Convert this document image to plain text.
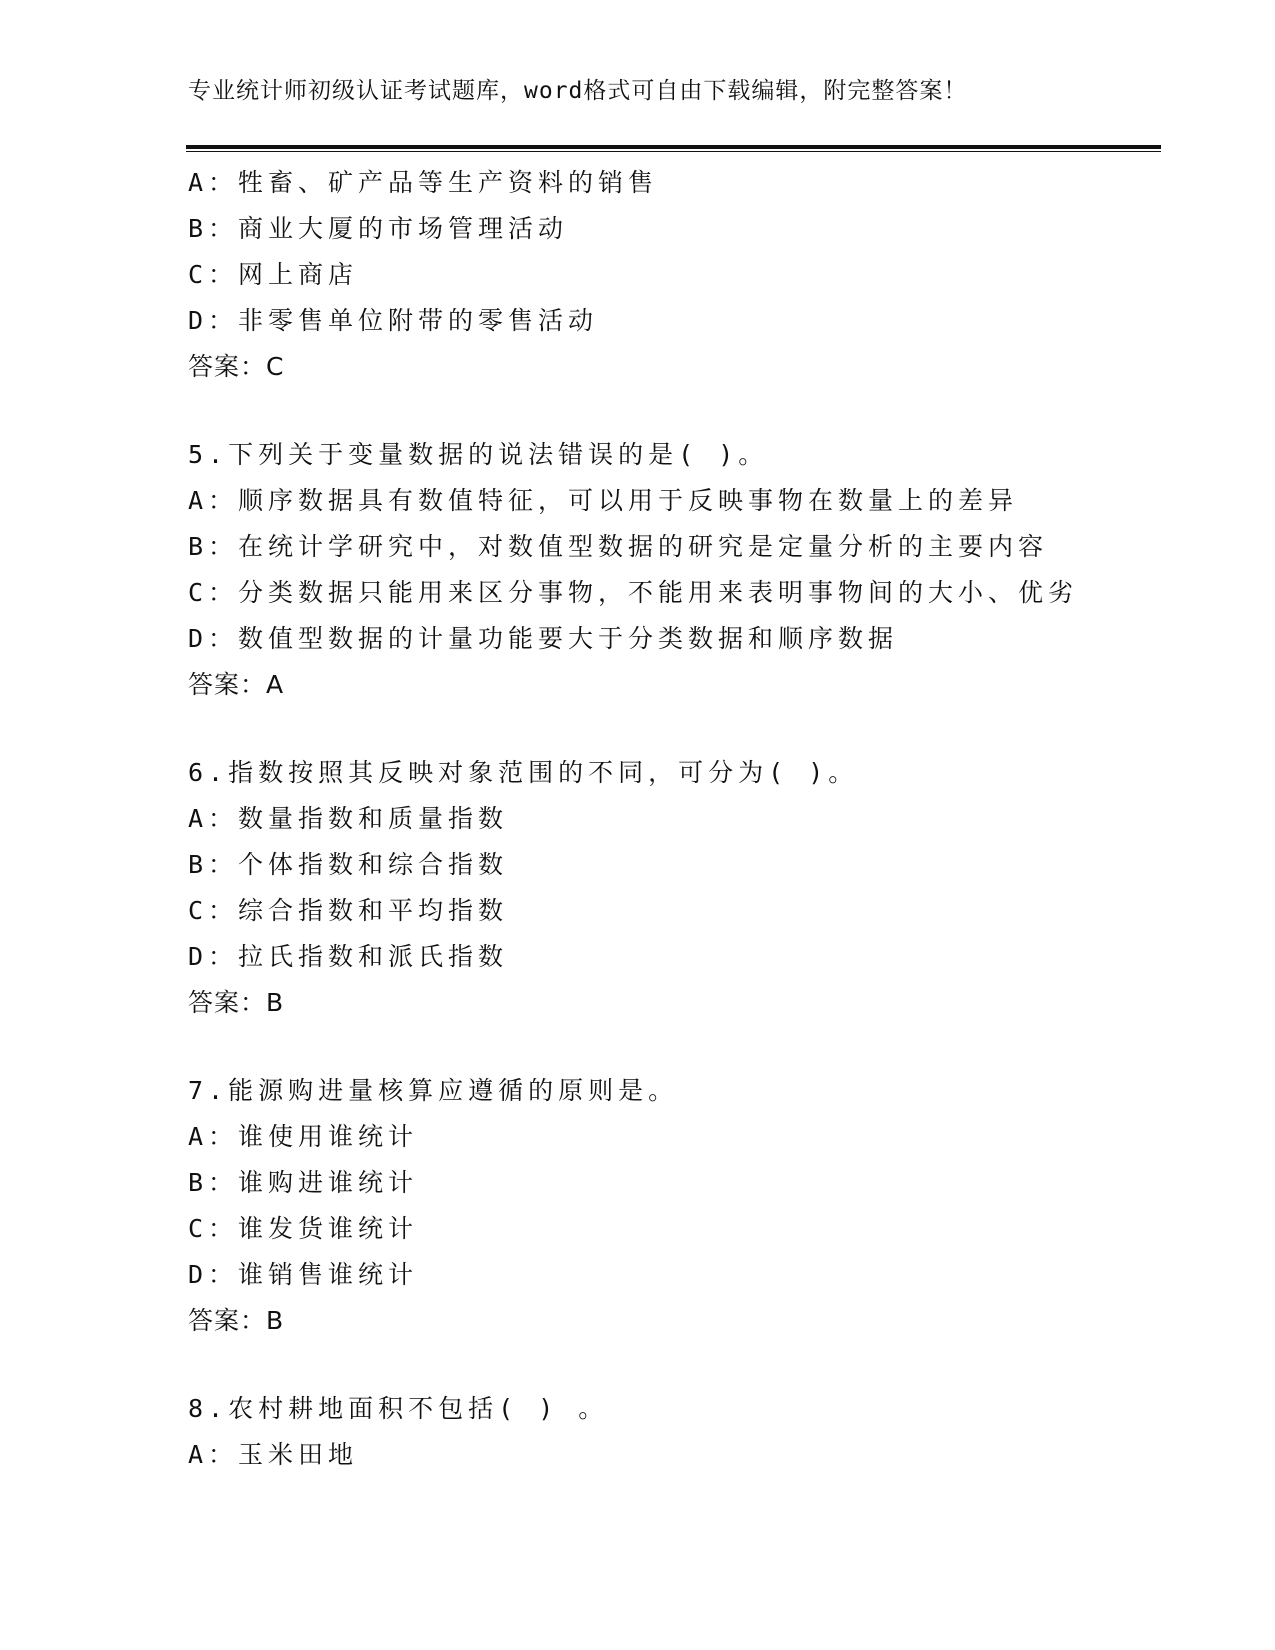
专业统计师初级认证考试题库，word格式可自由下载编辑，附完整答案！
A：牲畜、矿产品等生产资料的销售
B：商业大厦的市场管理活动
C：网上商店
D：非零售单位附带的零售活动
答案：C
5.下列关于变量数据的说法错误的是( )。
A：顺序数据具有数值特征，可以用于反映事物在数量上的差异
B：在统计学研究中，对数值型数据的研究是定量分析的主要内容
C：分类数据只能用来区分事物，不能用来表明事物间的大小、优劣
D：数值型数据的计量功能要大于分类数据和顺序数据
答案：A
6.指数按照其反映对象范围的不同，可分为( )。
A：数量指数和质量指数
B：个体指数和综合指数
C：综合指数和平均指数
D：拉氏指数和派氏指数
答案：B
7.能源购进量核算应遵循的原则是。
A：谁使用谁统计
B：谁购进谁统计
C：谁发货谁统计
D：谁销售谁统计
答案：B
8.农村耕地面积不包括( ) 。
A：玉米田地
